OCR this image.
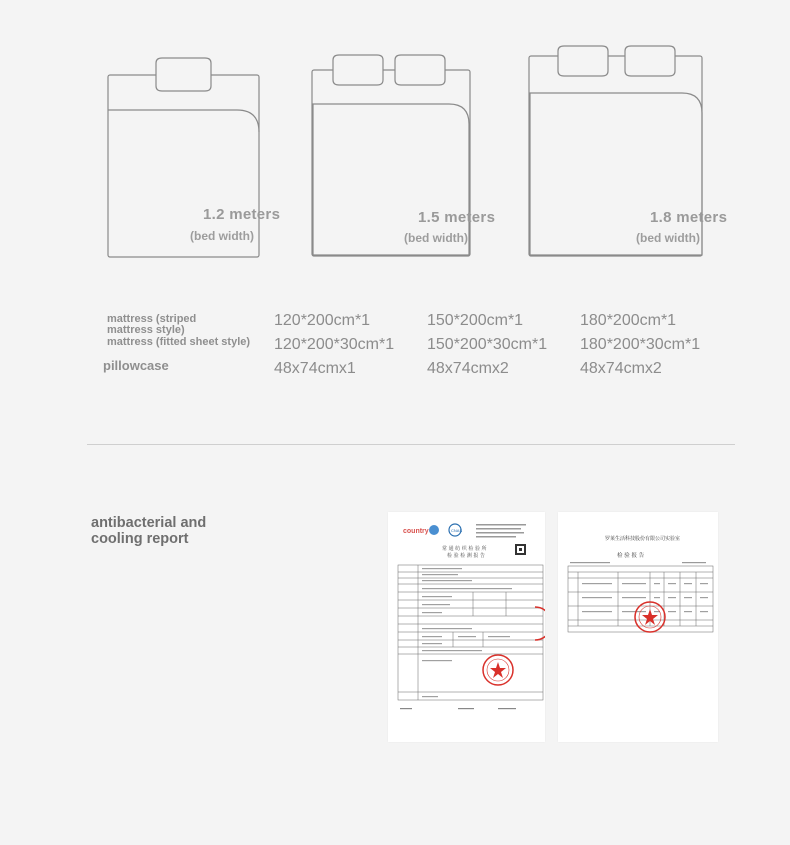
1.2 meters
(bed width)
1.5 meters
(bed width)
1.8 meters
(bed width)
mattress (striped mattress style)
mattress (fitted sheet style)
pillowcase
120*200cm*1
120*200*30cm*1
48x74cmx1
150*200cm*1
150*200*30cm*1
48x74cmx2
180*200cm*1
180*200*30cm*1
48x74cmx2
antibacterial and cooling report	country	CNAS
常 通 纺 织 检 验 所
检 验 检 测 报 告
罗莱生活科技股份有限公司实验室
检 验 报 告
